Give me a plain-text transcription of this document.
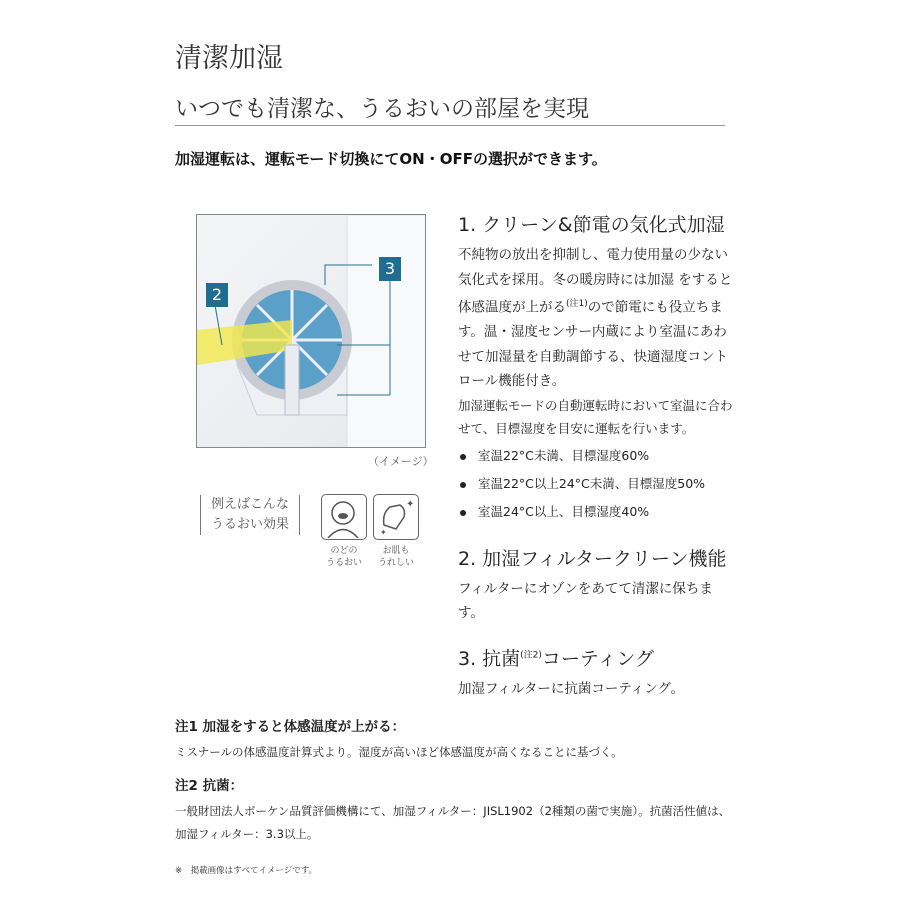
清潔加湿
いつでも清潔な、うるおいの部屋を実現
加湿運転は、運転モード切換にてON・OFFの選択ができます。
3
2
（イメージ）
例えばこんな
うるおい効果
✦
✦
のどの
うるおい
お肌も
うれしい
1. クリーン&節電の気化式加湿
不純物の放出を抑制し、電力使用量の少ない気化式を採用。冬の暖房時には加湿 をすると体感温度が上がる$^{(注1)}$ので節電にも役立ちます。温・湿度センサー内蔵により室温にあわせて加湿量を自動調節する、快適湿度コントロール機能付き。
加湿運転モードの自動運転時において室温に合わせて、目標湿度を目安に運転を行います。
室温22°C未満、目標湿度60%
室温22°C以上24°C未満、目標湿度50%
室温24°C以上、目標湿度40%
2. 加湿フィルタークリーン機能
フィルターにオゾンをあてて清潔に保ちます。
3. 抗菌$^{(注2)}$コーティング
加湿フィルターに抗菌コーティング。
注1 加湿をすると体感温度が上がる：
ミスナールの体感温度計算式より。湿度が高いほど体感温度が高くなることに基づく。
注2 抗菌：
一般財団法人ボーケン品質評価機構にて、加湿フィルター：JISL1902（2種類の菌で実施）。抗菌活性値は、加湿フィルター：3.3以上。
※　掲載画像はすべてイメージです。
